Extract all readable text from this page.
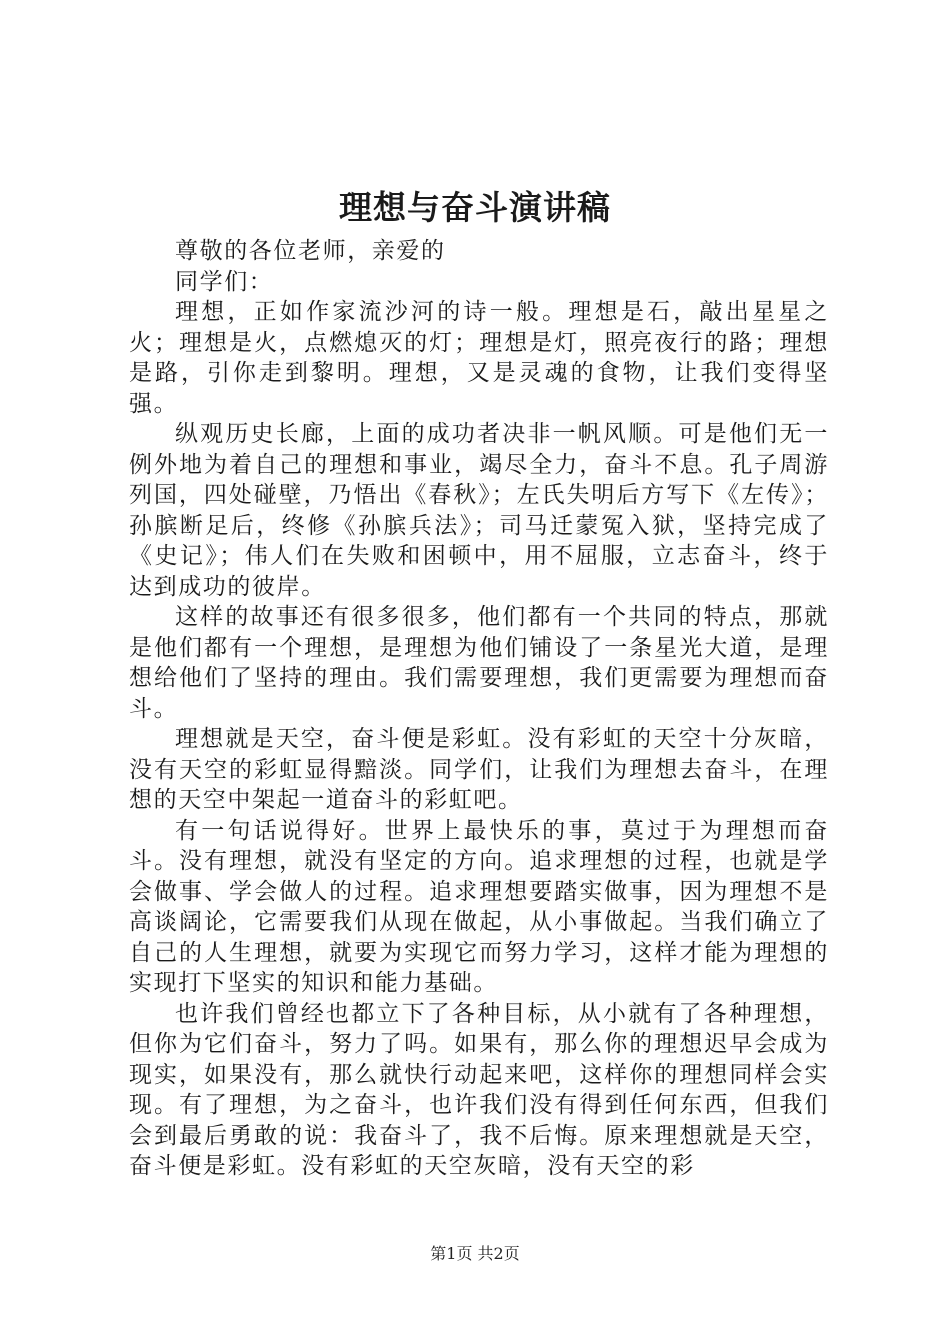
理想与奋斗演讲稿

尊敬的各位老师，亲爱的

同学们：

理想，正如作家流沙河的诗一般。理想是石，敲出星星之火；理想是火，点燃熄灭的灯；理想是灯，照亮夜行的路；理想是路，引你走到黎明。理想，又是灵魂的食物，让我们变得坚强。

纵观历史长廊，上面的成功者决非一帆风顺。可是他们无一例外地为着自己的理想和事业，竭尽全力，奋斗不息。孔子周游列国，四处碰壁，乃悟出《春秋》；左氏失明后方写下《左传》；孙膑断足后，终修《孙膑兵法》；司马迁蒙冤入狱，坚持完成了《史记》；伟人们在失败和困顿中，用不屈服，立志奋斗，终于达到成功的彼岸。

这样的故事还有很多很多，他们都有一个共同的特点，那就是他们都有一个理想，是理想为他们铺设了一条星光大道，是理想给他们了坚持的理由。我们需要理想，我们更需要为理想而奋斗。

理想就是天空，奋斗便是彩虹。没有彩虹的天空十分灰暗，没有天空的彩虹显得黯淡。同学们，让我们为理想去奋斗，在理想的天空中架起一道奋斗的彩虹吧。

有一句话说得好。世界上最快乐的事，莫过于为理想而奋斗。没有理想，就没有坚定的方向。追求理想的过程，也就是学会做事、学会做人的过程。追求理想要踏实做事，因为理想不是高谈阔论，它需要我们从现在做起，从小事做起。当我们确立了自己的人生理想，就要为实现它而努力学习，这样才能为理想的实现打下坚实的知识和能力基础。

也许我们曾经也都立下了各种目标，从小就有了各种理想，但你为它们奋斗，努力了吗。如果有，那么你的理想迟早会成为现实，如果没有，那么就快行动起来吧，这样你的理想同样会实现。有了理想，为之奋斗，也许我们没有得到任何东西，但我们会到最后勇敢的说：我奋斗了，我不后悔。原来理想就是天空，奋斗便是彩虹。没有彩虹的天空灰暗，没有天空的彩

第1页 共2页
